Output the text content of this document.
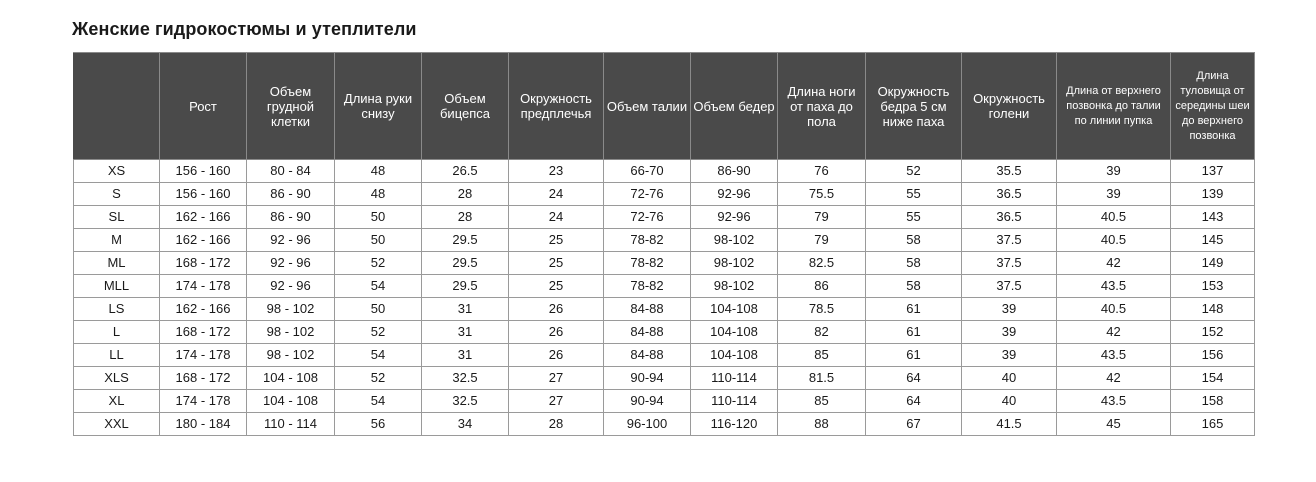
Женские гидрокостюмы и утеплители
	Рост	Объем грудной клетки	Длина руки снизу	Объем бицепса	Окружность предплечья	Объем талии	Объем бедер	Длина ноги от паха до пола	Окружность бедра 5 см ниже паха	Окружность голени	Длина от верхнего позвонка до талии по линии пупка	Длина туловища от середины шеи до верхнего позвонка
XS	156 - 160	80 - 84	48	26.5	23	66-70	86-90	76	52	35.5	39	137
S	156 - 160	86 - 90	48	28	24	72-76	92-96	75.5	55	36.5	39	139
SL	162 - 166	86 - 90	50	28	24	72-76	92-96	79	55	36.5	40.5	143
M	162 - 166	92 - 96	50	29.5	25	78-82	98-102	79	58	37.5	40.5	145
ML	168 - 172	92 - 96	52	29.5	25	78-82	98-102	82.5	58	37.5	42	149
MLL	174 - 178	92 - 96	54	29.5	25	78-82	98-102	86	58	37.5	43.5	153
LS	162 - 166	98 - 102	50	31	26	84-88	104-108	78.5	61	39	40.5	148
L	168 - 172	98 - 102	52	31	26	84-88	104-108	82	61	39	42	152
LL	174 - 178	98 - 102	54	31	26	84-88	104-108	85	61	39	43.5	156
XLS	168 - 172	104 - 108	52	32.5	27	90-94	110-114	81.5	64	40	42	154
XL	174 - 178	104 - 108	54	32.5	27	90-94	110-114	85	64	40	43.5	158
XXL	180 - 184	110 - 114	56	34	28	96-100	116-120	88	67	41.5	45	165
